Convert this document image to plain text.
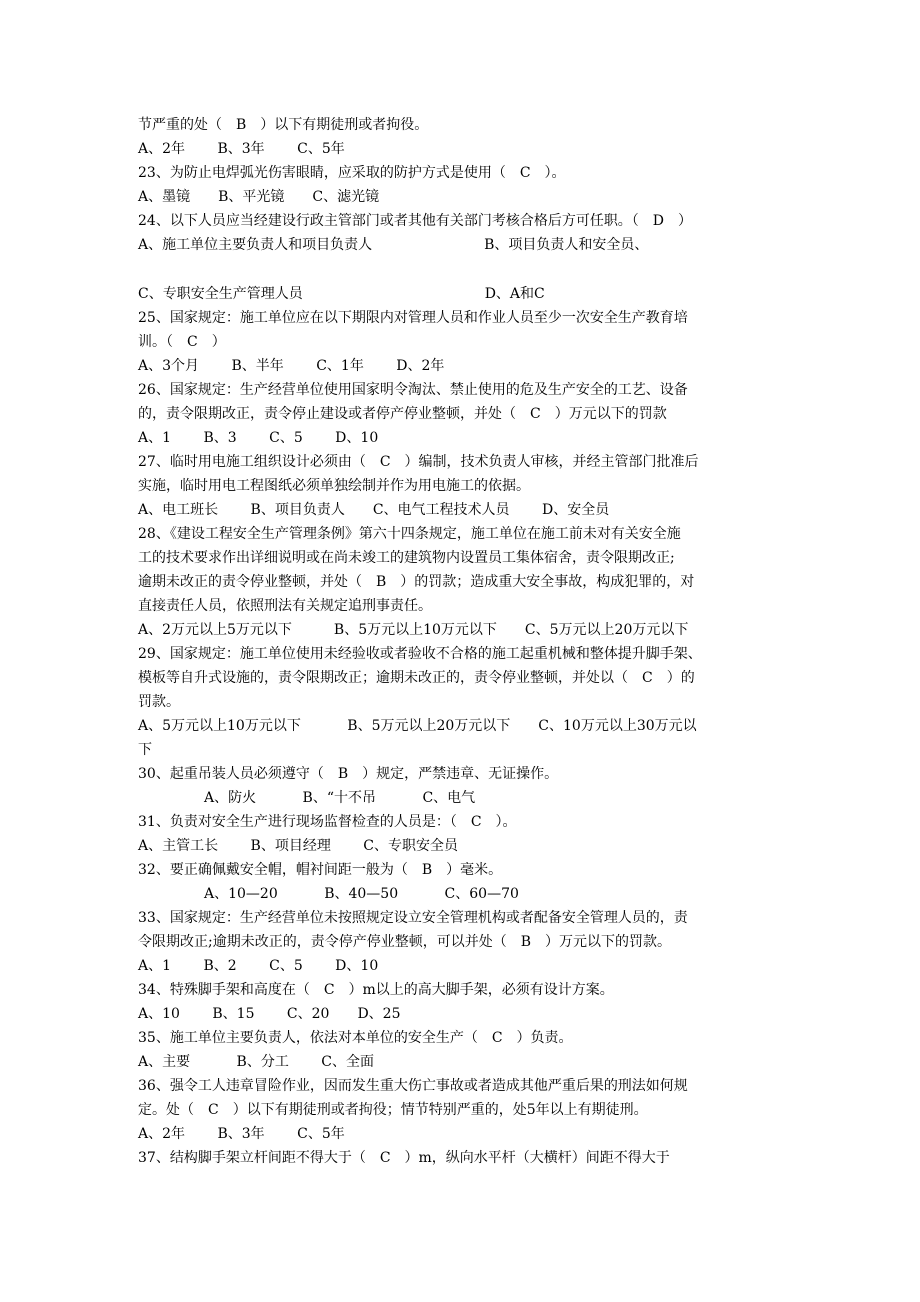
节严重的处（　B　）以下有期徒刑或者拘役。
A、2年　　 B、3年　　 C、5年
23、为防止电焊弧光伤害眼睛，应采取的防护方式是使用（　C　）。
A、墨镜　　B、平光镜　　C、滤光镜
24、以下人员应当经建设行政主管部门或者其他有关部门考核合格后方可任职。（　D　）
A、施工单位主要负责人和项目负责人　　　　　　　　B、项目负责人和安全员、
C、专职安全生产管理人员　　　　　　　　　　　　　D、A和C
25、国家规定：施工单位应在以下期限内对管理人员和作业人员至少一次安全生产教育培
训。（　C　）
A、3个月　　 B、半年　　 C、1年　　 D、2年
26、国家规定：生产经营单位使用国家明令淘汰、禁止使用的危及生产安全的工艺、设备
的，责令限期改正，责令停止建设或者停产停业整顿，并处（　C　）万元以下的罚款
A、1　　 B、3　　 C、5　　 D、10
27、临时用电施工组织设计必须由（　C　）编制，技术负责人审核，并经主管部门批准后
实施，临时用电工程图纸必须单独绘制并作为用电施工的依据。
A、电工班长　　 B、项目负责人　　C、电气工程技术人员　　 D、安全员
28、《建设工程安全生产管理条例》第六十四条规定，施工单位在施工前未对有关安全施
工的技术要求作出详细说明或在尚未竣工的建筑物内设置员工集体宿舍，责令限期改正;
逾期未改正的责令停业整顿，并处（　B　）的罚款；造成重大安全事故，构成犯罪的，对
直接责任人员，依照刑法有关规定追刑事责任。
A、2万元以上5万元以下　　　B、5万元以上10万元以下　　C、5万元以上20万元以下
29、国家规定：施工单位使用未经验收或者验收不合格的施工起重机械和整体提升脚手架、
模板等自升式设施的，责令限期改正；逾期未改正的，责令停业整顿，并处以（　C　）的
罚款。
A、5万元以上10万元以下　　　 B、5万元以上20万元以下　　C、10万元以上30万元以
下
30、起重吊装人员必须遵守（　B　）规定，严禁违章、无证操作。
A、防火　　　 B、“十不吊　　　 C、电气
31、负责对安全生产进行现场监督检查的人员是：（　C　）。
A、主管工长　　 B、项目经理　　 C、专职安全员
32、要正确佩戴安全帽，帽衬间距一般为（　B　）毫米。
A、10—20　　　 B、40—50　　　 C、60—70
33、国家规定：生产经营单位未按照规定设立安全管理机构或者配备安全管理人员的，责
令限期改正;逾期未改正的，责令停产停业整顿，可以并处（　B　）万元以下的罚款。
A、1　　 B、2　　 C、5　　 D、10
34、特殊脚手架和高度在（　C　）m以上的高大脚手架，必须有设计方案。
A、10　　 B、15　　 C、20　　D、25
35、施工单位主要负责人，依法对本单位的安全生产（　C　）负责。
A、主要　　　 B、分工　　 C、全面
36、强令工人违章冒险作业，因而发生重大伤亡事故或者造成其他严重后果的刑法如何规
定。处（　C　）以下有期徒刑或者拘役；情节特别严重的，处5年以上有期徒刑。
A、2年　　 B、3年　　 C、5年
37、结构脚手架立杆间距不得大于（　C　）m，纵向水平杆（大横杆）间距不得大于
